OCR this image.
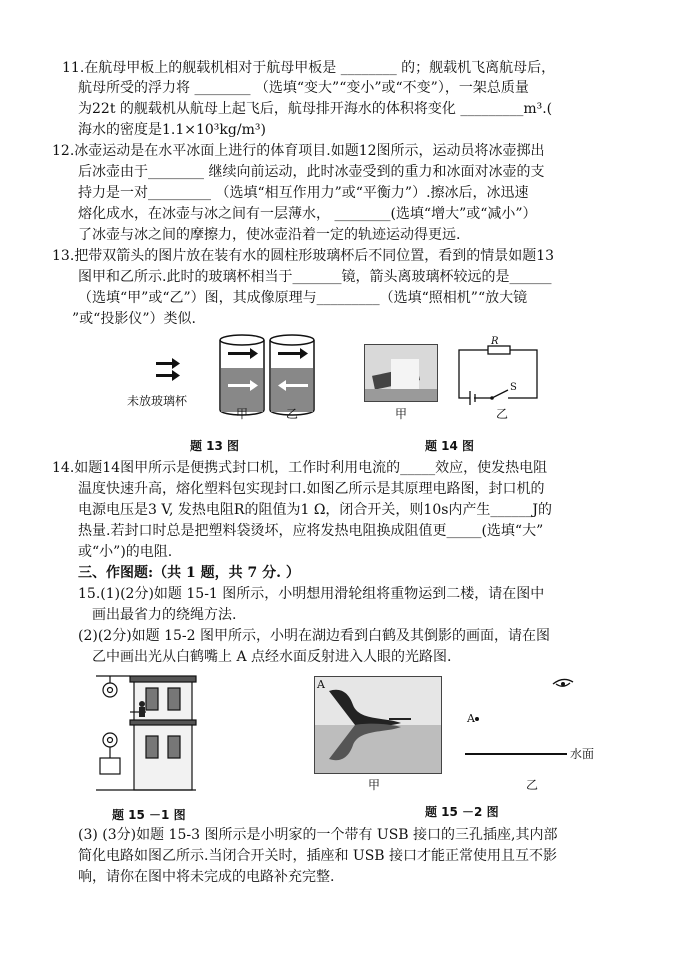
11.在航母甲板上的舰载机相对于航母甲板是 ________ 的；舰载机飞离航母后，
航母所受的浮力将 ________ （选填“变大”“变小”或“不变”），一架总质量
为22t 的舰载机从航母上起飞后，航母排开海水的体积将变化 _________m³.(
海水的密度是1.1×10³kg/m³)
12.冰壶运动是在水平冰面上进行的体育项目.如题12图所示，运动员将冰壶掷出
后冰壶由于________ 继续向前运动，此时冰壶受到的重力和冰面对冰壶的支
持力是一对_________ （选填“相互作用力”或“平衡力”）.擦冰后，冰迅速
熔化成水，在冰壶与冰之间有一层薄水， ________(选填“增大”或“减小”）
了冰壶与冰之间的摩擦力，使冰壶沿着一定的轨迹运动得更远.
13.把带双箭头的图片放在装有水的圆柱形玻璃杯后不同位置，看到的情景如题13
图甲和乙所示.此时的玻璃杯相当于_______镜，箭头离玻璃杯较远的是______
（选填“甲”或“乙”）图，其成像原理与_________（选填“照相机”“放大镜
”或“投影仪”）类似.
未放玻璃杯
甲	乙
题 13 图
R
S
甲	乙
题 14 图
14.如题14图甲所示是便携式封口机，工作时利用电流的_____效应，使发热电阻
温度快速升高，熔化塑料包实现封口.如图乙所示是其原理电路图，封口机的
电源电压是3 V, 发热电阻R的阻值为1 Ω，闭合开关，则10s内产生______J的
热量.若封口时总是把塑料袋烫坏，应将发热电阻换成阻值更_____(选填“大”
或“小”)的电阻.
三、作图题:（共 1 题，共 7 分. ）
15.(1)(2分)如题 15-1 图所示，小明想用滑轮组将重物运到二楼，请在图中
画出最省力的绕绳方法.
(2)(2分)如题 15-2 图甲所示，小明在湖边看到白鹤及其倒影的画面，请在图
乙中画出光从白鹤嘴上 A 点经水面反射进入人眼的光路图.
题 15 －1 图
A
甲
A
水面
乙
题 15 －2 图
(3) (3分)如题 15-3 图所示是小明家的一个带有 USB 接口的三孔插座,其内部
简化电路如图乙所示.当闭合开关时，插座和 USB 接口才能正常使用且互不影
响，请你在图中将未完成的电路补充完整.
